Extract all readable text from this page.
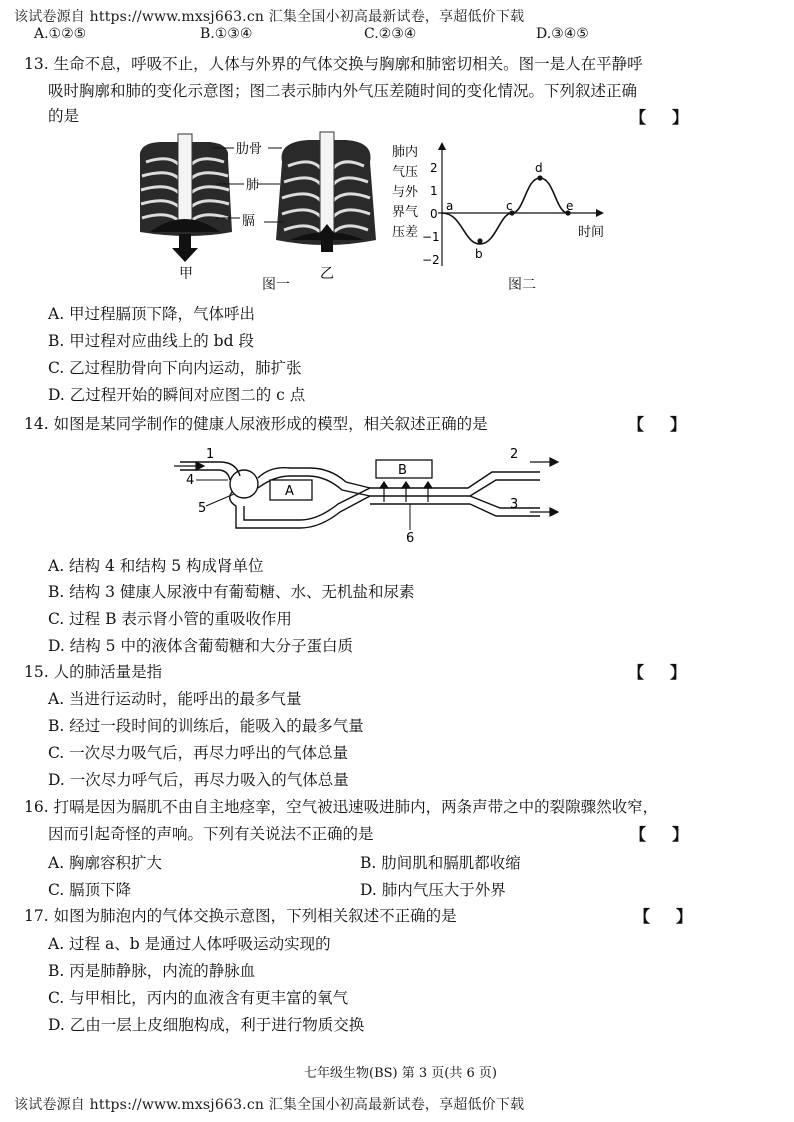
该试卷源自 https://www.mxsj663.cn 汇集全国小初高最新试卷，享超低价下载
A.①②⑤	B.①③④	C.②③④	D.③④⑤
13. 生命不息，呼吸不止，人体与外界的气体交换与胸廓和肺密切相关。图一是人在平静呼
吸时胸廓和肺的变化示意图；图二表示肺内外气压差随时间的变化情况。下列叙述正确
的是	【 】
甲	乙
肋骨
肺
膈
图一
肺内
气压
与外
界气
压差
2
1
0
−1
−2
a
b
c
d
e
时间
图二
A. 甲过程膈顶下降，气体呼出
B. 甲过程对应曲线上的 bd 段
C. 乙过程肋骨向下向内运动，肺扩张
D. 乙过程开始的瞬间对应图二的 c 点
14. 如图是某同学制作的健康人尿液形成的模型，相关叙述正确的是	【 】
A
B
1	2
3
4
5
6
A. 结构 4 和结构 5 构成肾单位
B. 结构 3 健康人尿液中有葡萄糖、水、无机盐和尿素
C. 过程 B 表示肾小管的重吸收作用
D. 结构 5 中的液体含葡萄糖和大分子蛋白质
15. 人的肺活量是指	【 】
A. 当进行运动时，能呼出的最多气量
B. 经过一段时间的训练后，能吸入的最多气量
C. 一次尽力吸气后，再尽力呼出的气体总量
D. 一次尽力呼气后，再尽力吸入的气体总量
16. 打嗝是因为膈肌不由自主地痉挛，空气被迅速吸进肺内，两条声带之中的裂隙骤然收窄，
因而引起奇怪的声响。下列有关说法不正确的是	【 】
A. 胸廓容积扩大	B. 肋间肌和膈肌都收缩
C. 膈顶下降	D. 肺内气压大于外界
17. 如图为肺泡内的气体交换示意图，下列相关叙述不正确的是	【 】
A. 过程 a、b 是通过人体呼吸运动实现的
B. 丙是肺静脉，内流的静脉血
C. 与甲相比，丙内的血液含有更丰富的氧气
D. 乙由一层上皮细胞构成，利于进行物质交换
七年级生物(BS) 第 3 页(共 6 页)
该试卷源自 https://www.mxsj663.cn 汇集全国小初高最新试卷，享超低价下载
